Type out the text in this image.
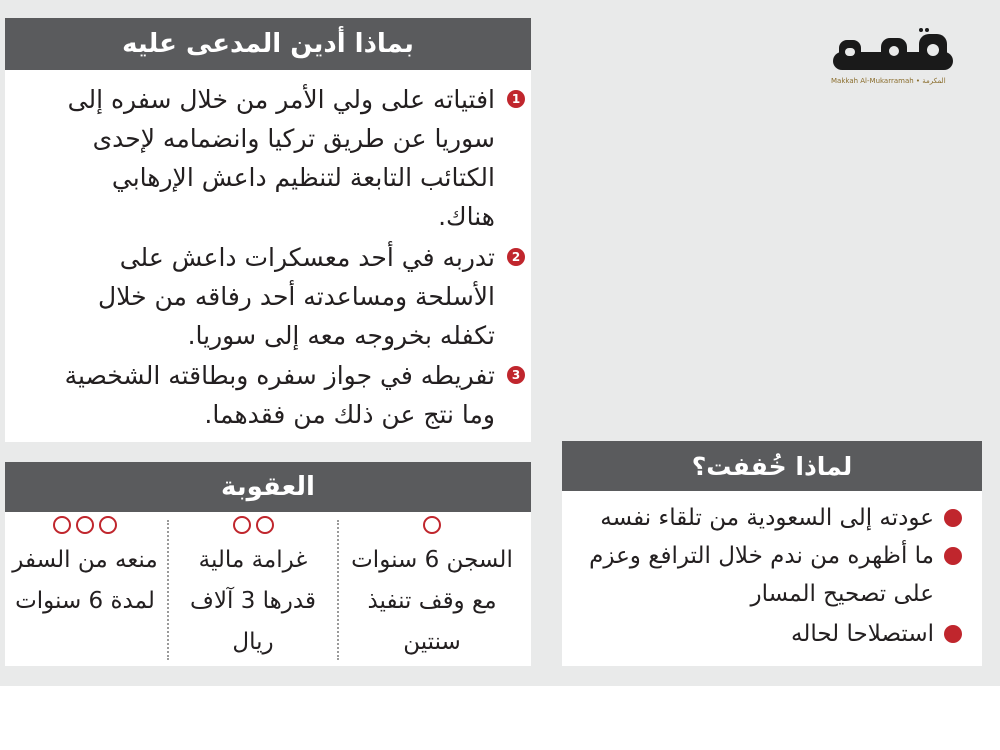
Makkah Al-Mukarramah • المكرمة
بماذا أدين المدعى عليه
1
افتياته على ولي الأمر من خلال سفره إلى سوريا عن طريق تركيا وانضمامه لإحدى الكتائب التابعة لتنظيم داعش الإرهابي هناك.
2
تدربه في أحد معسكرات داعش على الأسلحة ومساعدته أحد رفاقه من خلال تكفله بخروجه معه إلى سوريا.
3
تفريطه في جواز سفره وبطاقته الشخصية وما نتج عن ذلك من فقدهما.
العقوبة
السجن 6 سنوات مع وقف تنفيذ سنتين
غرامة مالية قدرها 3 آلاف ريال
منعه من السفر لمدة 6 سنوات
لماذا خُففت؟
عودته إلى السعودية من تلقاء نفسه
ما أظهره من ندم خلال الترافع وعزم على تصحيح المسار
استصلاحا لحاله
